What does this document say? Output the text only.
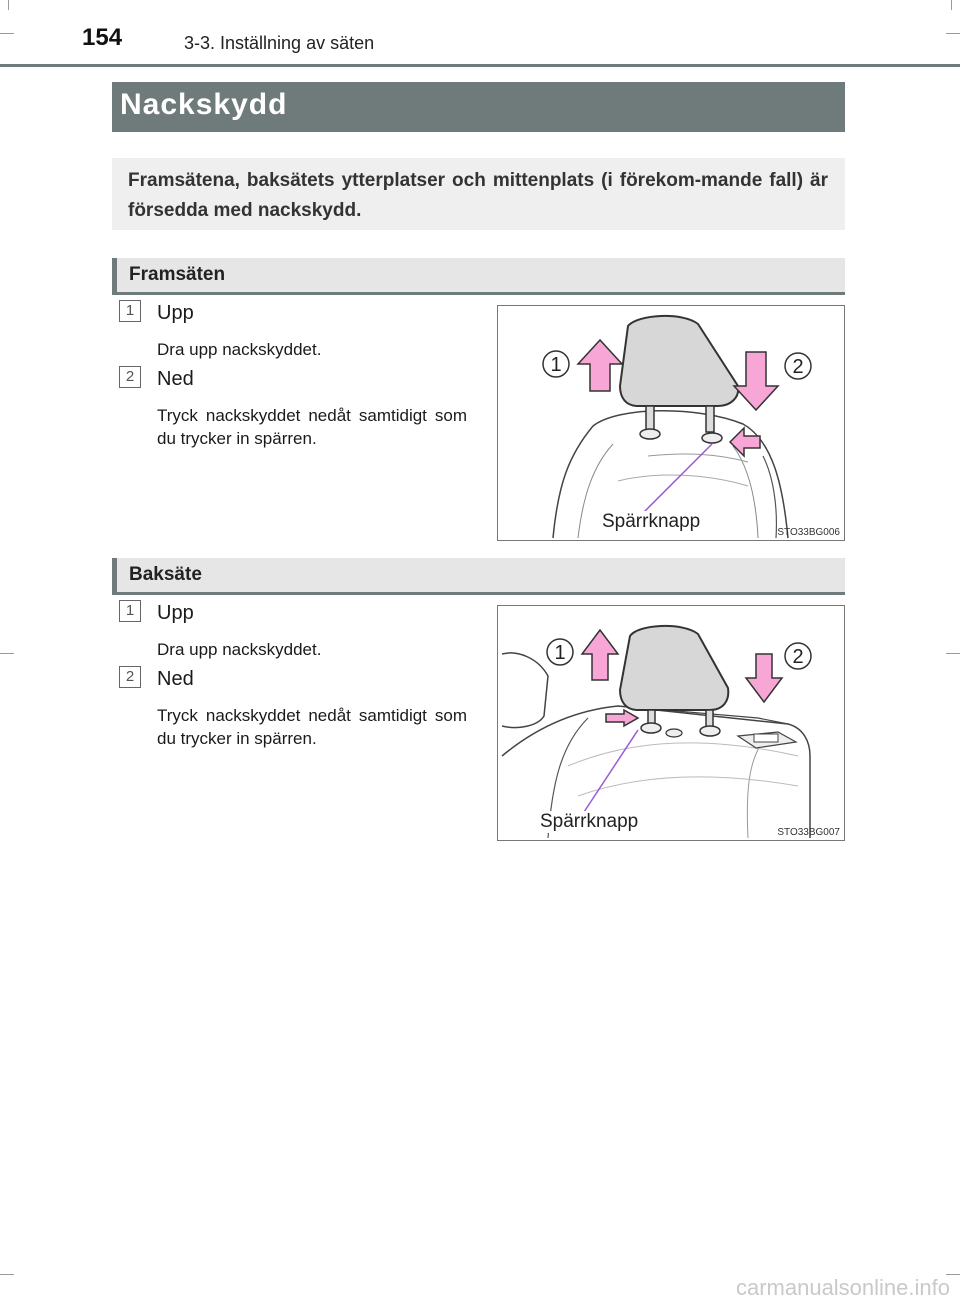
154	3-3. Inställning av säten
Nackskydd

Framsätena, baksätets ytterplatser och mittenplats (i förekom-mande fall) är försedda med nackskydd.

Framsäten
1	Upp
Dra upp nackskyddet.
2	Ned
Tryck nackskyddet nedåt samtidigt som du trycker in spärren.
1	2
Spärrknapp
STO33BG006
Baksäte
1	Upp
Dra upp nackskyddet.
2	Ned
Tryck nackskyddet nedåt samtidigt som du trycker in spärren.
1	2
Spärrknapp
STO33BG007
carmanualsonline.info
